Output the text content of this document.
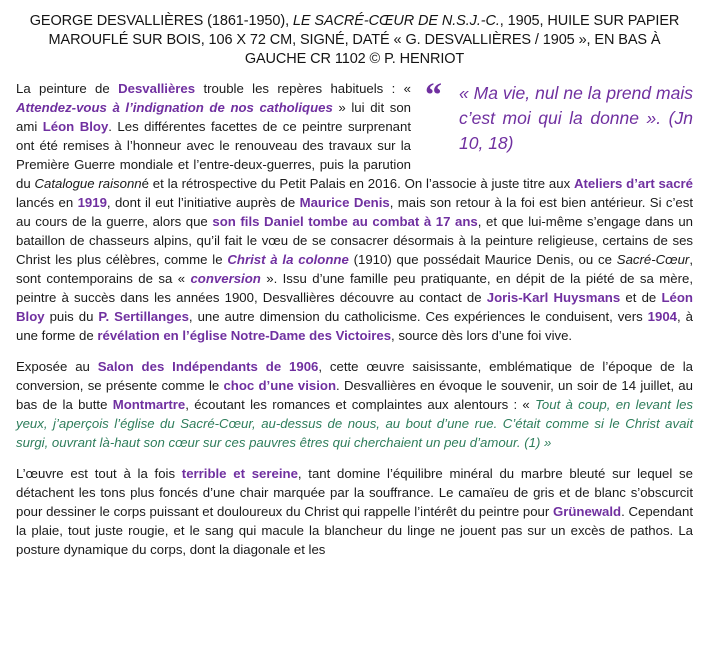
GEORGE DESVALLIÈRES (1861-1950), LE SACRÉ-CŒUR DE N.S.J.-C., 1905, HUILE SUR PAPIER MAROUFLÉ SUR BOIS, 106 X 72 CM, SIGNÉ, DATÉ « G. DESVALLIÈRES / 1905 », EN BAS À GAUCHE CR 1102 © P. HENRIOT
“ « Ma vie, nul ne la prend mais c’est moi qui la donne ». (Jn 10, 18)

La peinture de Desvallières trouble les repères habituels : « Attendez-vous à l’indignation de nos catholiques » lui dit son ami Léon Bloy. Les différentes facettes de ce peintre surprenant ont été remises à l’honneur avec le renouveau des travaux sur la Première Guerre mondiale et l’entre-deux-guerres, puis la parution du Catalogue raisonné et la rétrospective du Petit Palais en 2016. On l’associe à juste titre aux Ateliers d’art sacré lancés en 1919, dont il eut l’initiative auprès de Maurice Denis, mais son retour à la foi est bien antérieur. Si c’est au cours de la guerre, alors que son fils Daniel tombe au combat à 17 ans, et que lui-même s’engage dans un bataillon de chasseurs alpins, qu’il fait le vœu de se consacrer désormais à la peinture religieuse, certains de ses Christ les plus célèbres, comme le Christ à la colonne (1910) que possédait Maurice Denis, ou ce Sacré-Cœur, sont contemporains de sa « conversion ». Issu d’une famille peu pratiquante, en dépit de la piété de sa mère, peintre à succès dans les années 1900, Desvallières découvre au contact de Joris-Karl Huysmans et de Léon Bloy puis du P. Sertillanges, une autre dimension du catholicisme. Ces expériences le conduisent, vers 1904, à une forme de révélation en l’église Notre-Dame des Victoires, source dès lors d’une foi vive.

Exposée au Salon des Indépendants de 1906, cette œuvre saisissante, emblématique de l’époque de la conversion, se présente comme le choc d’une vision. Desvallières en évoque le souvenir, un soir de 14 juillet, au bas de la butte Montmartre, écoutant les romances et complaintes aux alentours : « Tout à coup, en levant les yeux, j’aperçois l’église du Sacré-Cœur, au-dessus de nous, au bout d’une rue. C’était comme si le Christ avait surgi, ouvrant là-haut son cœur sur ces pauvres êtres qui cherchaient un peu d’amour. (1) »

L’œuvre est tout à la fois terrible et sereine, tant domine l’équilibre minéral du marbre bleuté sur lequel se détachent les tons plus foncés d’une chair marquée par la souffrance. Le camaïeu de gris et de blanc s’obscurcit pour dessiner le corps puissant et douloureux du Christ qui rappelle l’intérêt du peintre pour Grünewald. Cependant la plaie, tout juste rougie, et le sang qui macule la blancheur du linge ne jouent pas sur un excès de pathos. La posture dynamique du corps, dont la diagonale et les
